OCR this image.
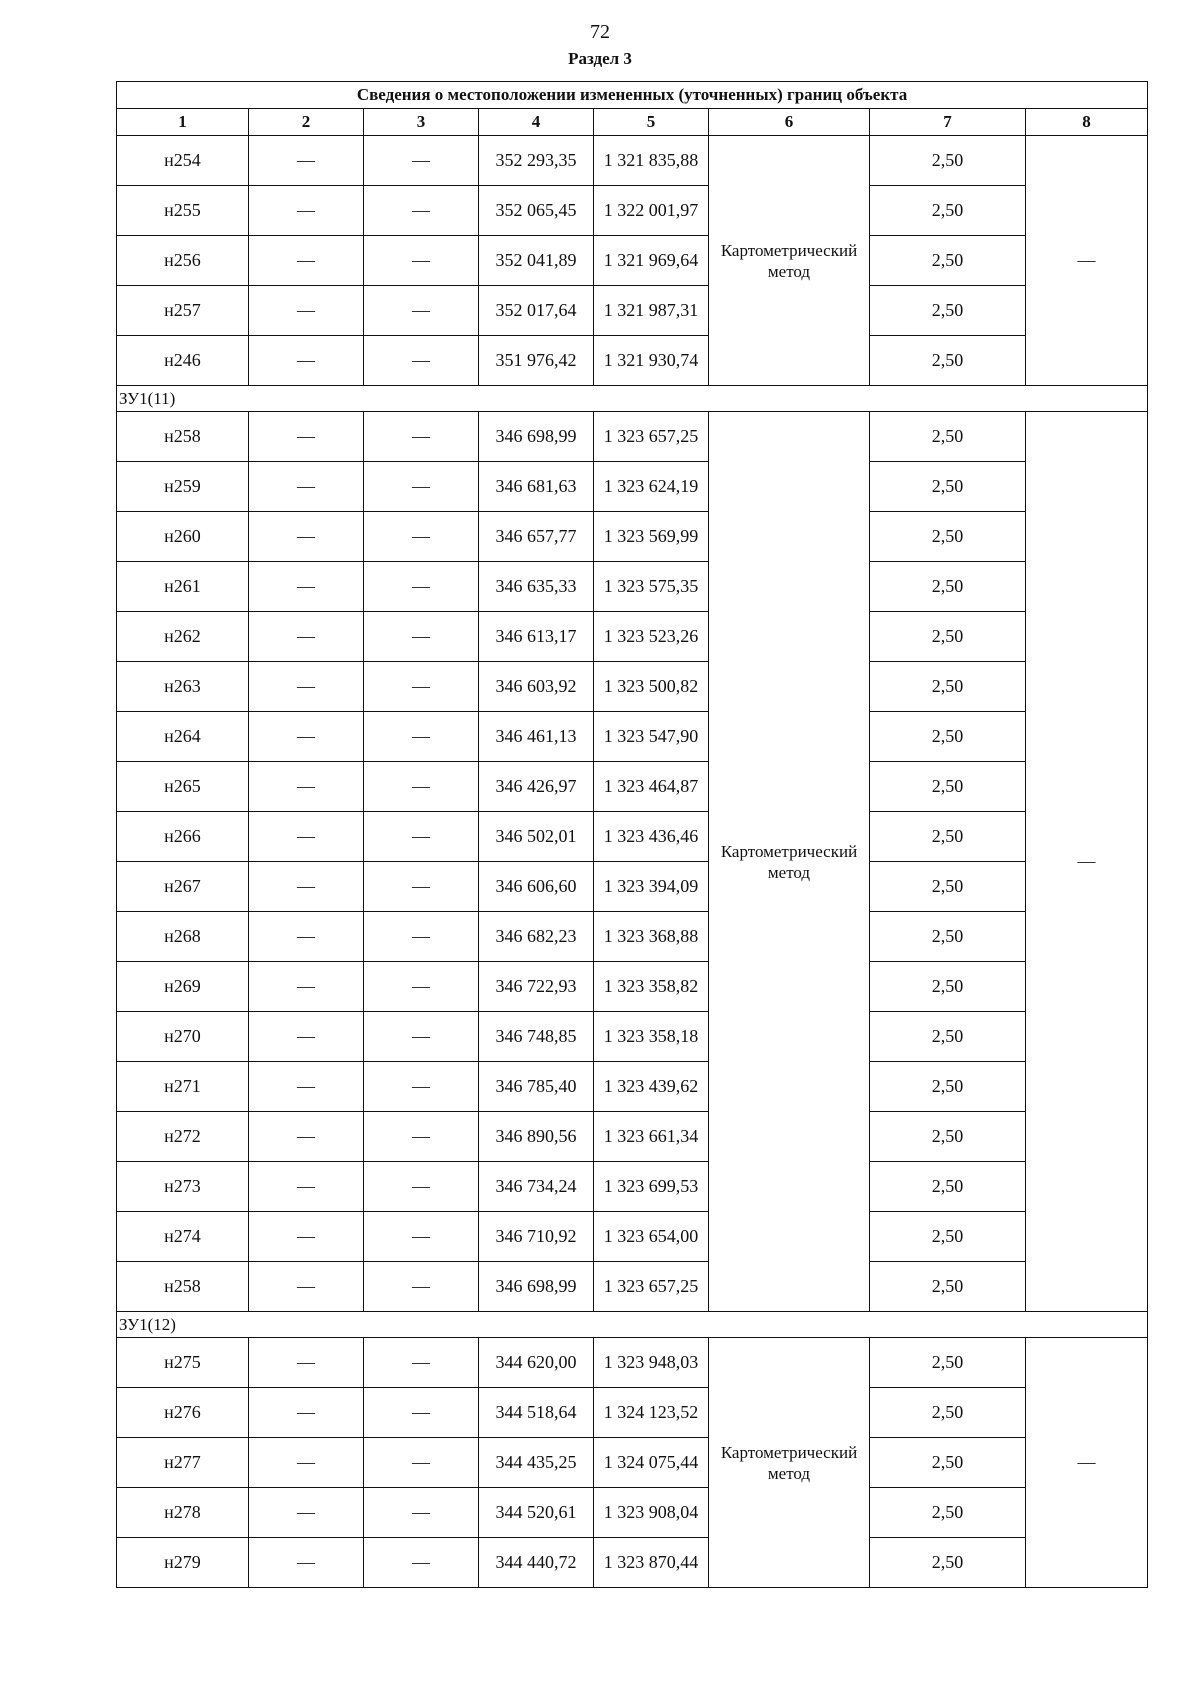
72
Раздел 3
Сведения о местоположении измененных (уточненных) границ объекта							
1	2	3	4	5	6	7	8
н254	—	—	352 293,35	1 321 835,88	Картометрический метод	2,50	—
н255	—	—	352 065,45	1 322 001,97		2,50	
н256	—	—	352 041,89	1 321 969,64		2,50	
н257	—	—	352 017,64	1 321 987,31		2,50	
н246	—	—	351 976,42	1 321 930,74		2,50	
ЗУ1(11)							
н258	—	—	346 698,99	1 323 657,25	Картометрический метод	2,50	—
н259	—	—	346 681,63	1 323 624,19		2,50	
н260	—	—	346 657,77	1 323 569,99		2,50	
н261	—	—	346 635,33	1 323 575,35		2,50	
н262	—	—	346 613,17	1 323 523,26		2,50	
н263	—	—	346 603,92	1 323 500,82		2,50	
н264	—	—	346 461,13	1 323 547,90		2,50	
н265	—	—	346 426,97	1 323 464,87		2,50	
н266	—	—	346 502,01	1 323 436,46		2,50	
н267	—	—	346 606,60	1 323 394,09		2,50	
н268	—	—	346 682,23	1 323 368,88		2,50	
н269	—	—	346 722,93	1 323 358,82		2,50	
н270	—	—	346 748,85	1 323 358,18		2,50	
н271	—	—	346 785,40	1 323 439,62		2,50	
н272	—	—	346 890,56	1 323 661,34		2,50	
н273	—	—	346 734,24	1 323 699,53		2,50	
н274	—	—	346 710,92	1 323 654,00		2,50	
н258	—	—	346 698,99	1 323 657,25		2,50	
ЗУ1(12)							
н275	—	—	344 620,00	1 323 948,03	Картометрический метод	2,50	—
н276	—	—	344 518,64	1 324 123,52		2,50	
н277	—	—	344 435,25	1 324 075,44		2,50	
н278	—	—	344 520,61	1 323 908,04		2,50	
н279	—	—	344 440,72	1 323 870,44		2,50	
